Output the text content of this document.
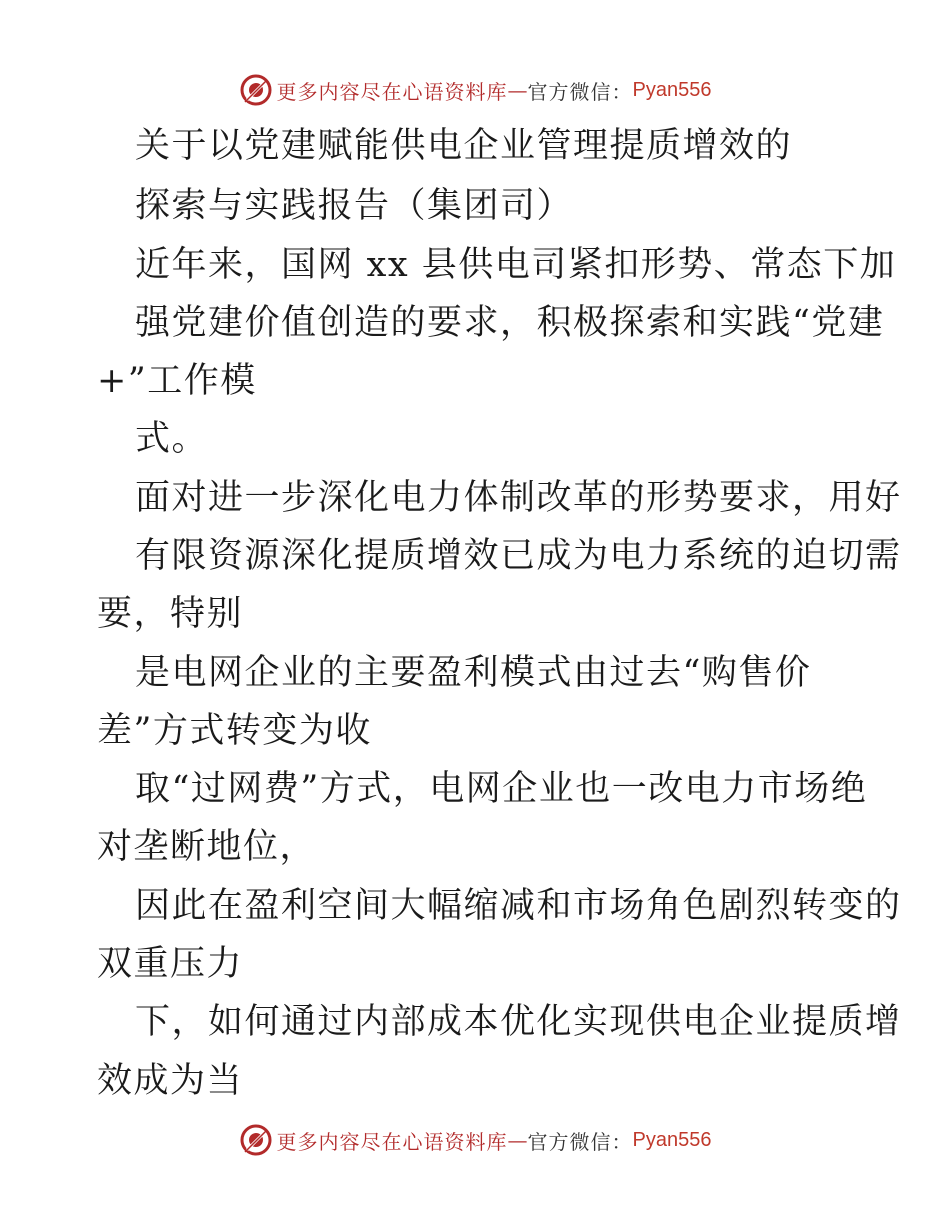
更多内容尽在心语资料库 — 官方微信： Pyan556
关于以党建赋能供电企业管理提质增效的
探索与实践报告（集团司）
近年来，国网 xx 县供电司紧扣形势、常态下加
强党建价值创造的要求，积极探索和实践“党建
+”工作模
式。
面对进一步深化电力体制改革的形势要求，用好
有限资源深化提质增效已成为电力系统的迫切需
要，特别
是电网企业的主要盈利模式由过去“购售价
差”方式转变为收
取“过网费”方式，电网企业也一改电力市场绝
对垄断地位，
因此在盈利空间大幅缩减和市场角色剧烈转变的
双重压力
下，如何通过内部成本优化实现供电企业提质增
效成为当
更多内容尽在心语资料库 — 官方微信： Pyan556
